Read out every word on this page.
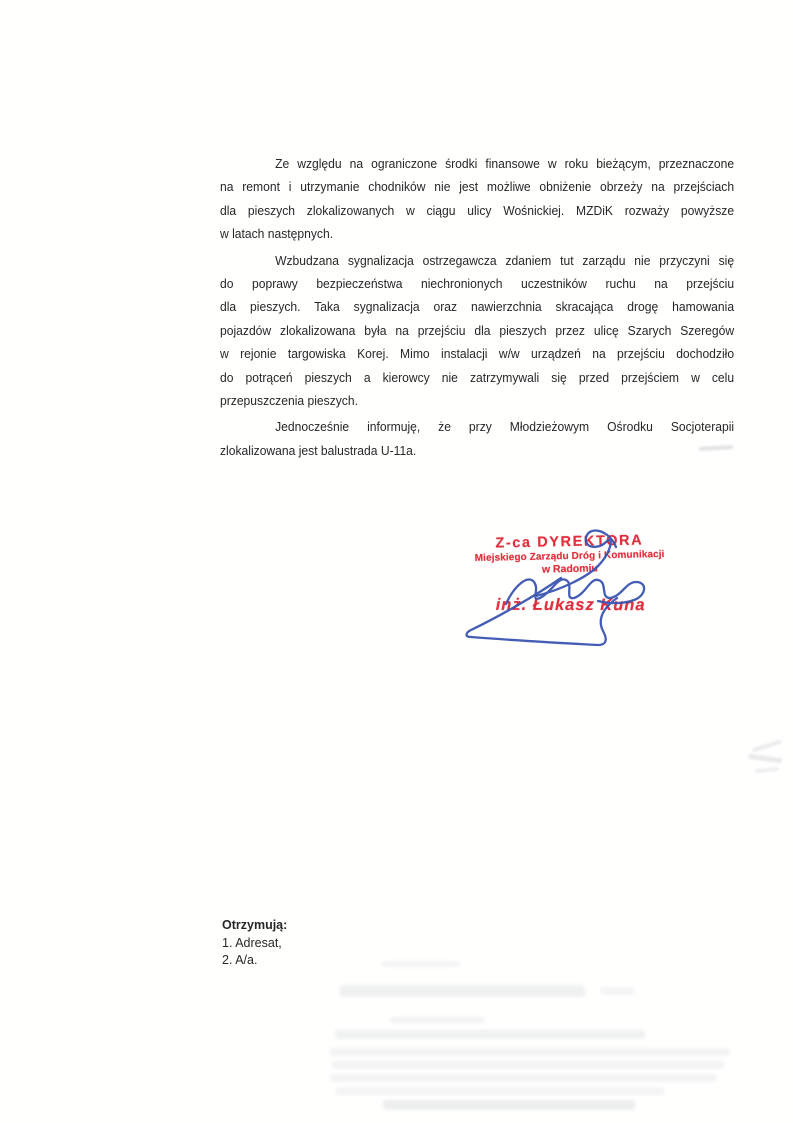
Ze względu na ograniczone środki finansowe w roku bieżącym, przeznaczone
na remont i utrzymanie chodników nie jest możliwe obniżenie obrzeży na przejściach
dla pieszych zlokalizowanych w ciągu ulicy Wośnickiej. MZDiK rozważy powyższe
w latach następnych.
Wzbudzana sygnalizacja ostrzegawcza zdaniem tut zarządu nie przyczyni się
do poprawy bezpieczeństwa niechronionych uczestników ruchu na przejściu
dla pieszych. Taka sygnalizacja oraz nawierzchnia skracająca drogę hamowania
pojazdów zlokalizowana była na przejściu dla pieszych przez ulicę Szarych Szeregów
w rejonie targowiska Korej. Mimo instalacji w/w urządzeń na przejściu dochodziło
do potrąceń pieszych a kierowcy nie zatrzymywali się przed przejściem w celu
przepuszczenia pieszych.
Jednocześnie informuję, że przy Młodzieżowym Ośrodku Socjoterapii
zlokalizowana jest balustrada U-11a.
Z-ca DYREKTORA
Miejskiego Zarządu Dróg i Komunikacji
w Radomiu
inż. Łukasz Kuna
Otrzymują:
1. Adresat,
2. A/a.
